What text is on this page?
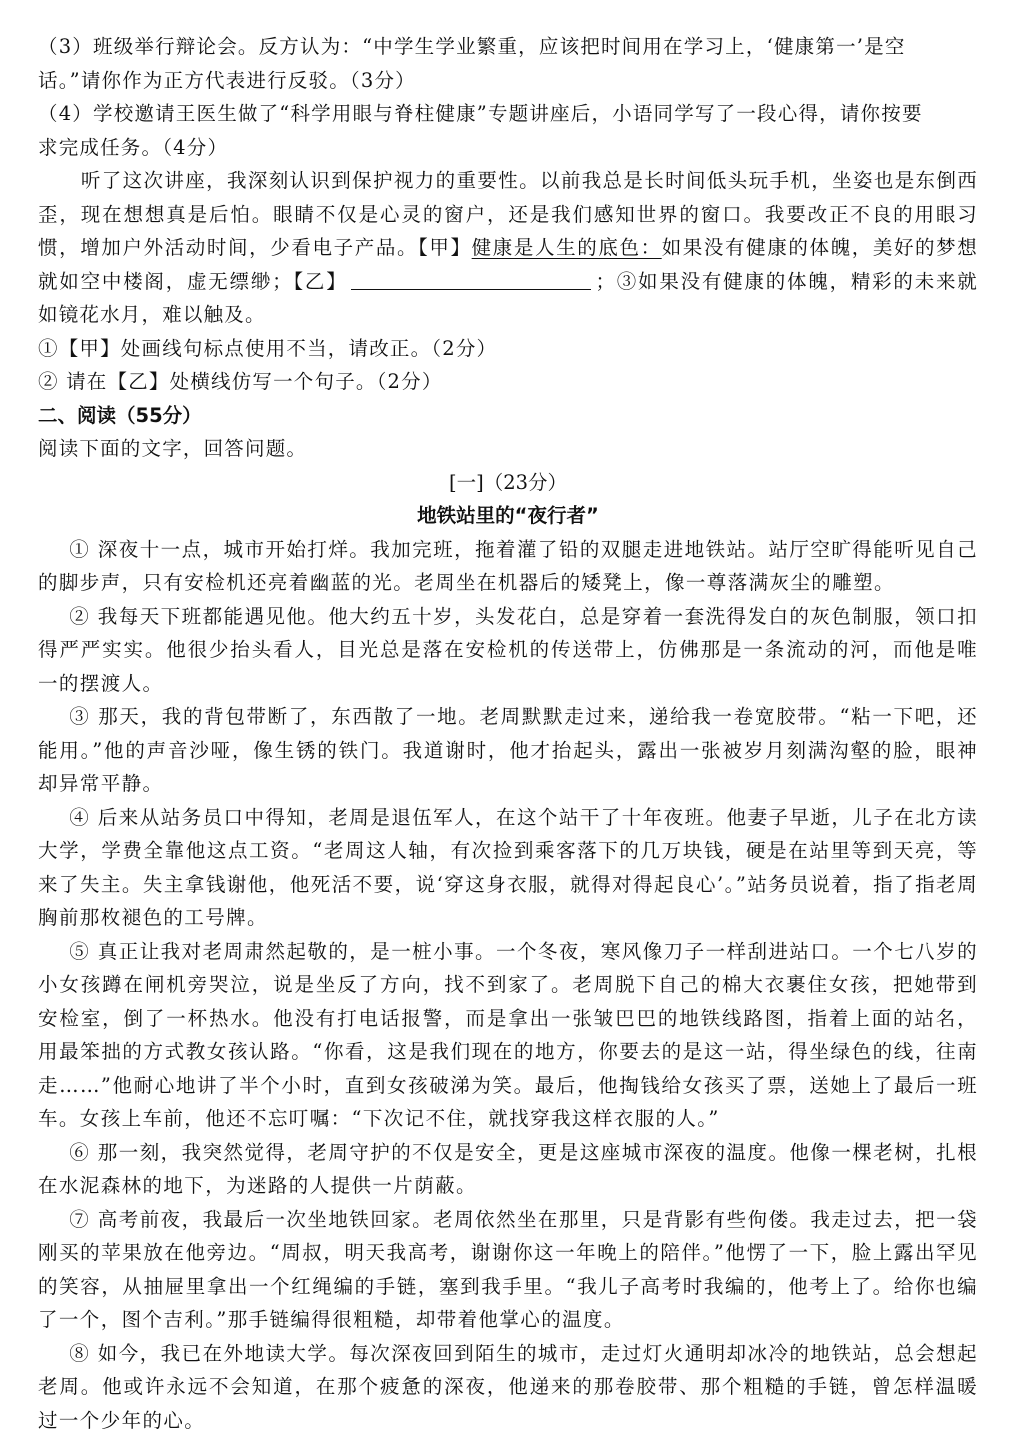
（3）班级举行辩论会。反方认为：“中学生学业繁重，应该把时间用在学习上，‘健康第一’是空
话。”请你作为正方代表进行反驳。（3分）
（4）学校邀请王医生做了“科学用眼与脊柱健康”专题讲座后，小语同学写了一段心得，请你按要
求完成任务。（4分）
听了这次讲座，我深刻认识到保护视力的重要性。以前我总是长时间低头玩手机，坐姿也是东倒西歪，现在想想真是后怕。眼睛不仅是心灵的窗户，还是我们感知世界的窗口。我要改正不良的用眼习惯，增加户外活动时间，少看电子产品。【甲】健康是人生的底色：如果没有健康的体魄，美好的梦想就如空中楼阁，虚无缥缈；【乙】	；③如果没有健康的体魄，精彩的未来就如镜花水月，难以触及。
①【甲】处画线句标点使用不当，请改正。（2分）
② 请在【乙】处横线仿写一个句子。（2分）
二、阅读（55分）
阅读下面的文字，回答问题。
[一]（23分）
地铁站里的“夜行者”
① 深夜十一点，城市开始打烊。我加完班，拖着灌了铅的双腿走进地铁站。站厅空旷得能听见自己的脚步声，只有安检机还亮着幽蓝的光。老周坐在机器后的矮凳上，像一尊落满灰尘的雕塑。
② 我每天下班都能遇见他。他大约五十岁，头发花白，总是穿着一套洗得发白的灰色制服，领口扣得严严实实。他很少抬头看人，目光总是落在安检机的传送带上，仿佛那是一条流动的河，而他是唯一的摆渡人。
③ 那天，我的背包带断了，东西散了一地。老周默默走过来，递给我一卷宽胶带。“粘一下吧，还能用。”他的声音沙哑，像生锈的铁门。我道谢时，他才抬起头，露出一张被岁月刻满沟壑的脸，眼神却异常平静。
④ 后来从站务员口中得知，老周是退伍军人，在这个站干了十年夜班。他妻子早逝，儿子在北方读大学，学费全靠他这点工资。“老周这人轴，有次捡到乘客落下的几万块钱，硬是在站里等到天亮，等来了失主。失主拿钱谢他，他死活不要，说‘穿这身衣服，就得对得起良心’。”站务员说着，指了指老周胸前那枚褪色的工号牌。
⑤ 真正让我对老周肃然起敬的，是一桩小事。一个冬夜，寒风像刀子一样刮进站口。一个七八岁的小女孩蹲在闸机旁哭泣，说是坐反了方向，找不到家了。老周脱下自己的棉大衣裹住女孩，把她带到安检室，倒了一杯热水。他没有打电话报警，而是拿出一张皱巴巴的地铁线路图，指着上面的站名，用最笨拙的方式教女孩认路。“你看，这是我们现在的地方，你要去的是这一站，得坐绿色的线，往南走……”他耐心地讲了半个小时，直到女孩破涕为笑。最后，他掏钱给女孩买了票，送她上了最后一班车。女孩上车前，他还不忘叮嘱：“下次记不住，就找穿我这样衣服的人。”
⑥ 那一刻，我突然觉得，老周守护的不仅是安全，更是这座城市深夜的温度。他像一棵老树，扎根在水泥森林的地下，为迷路的人提供一片荫蔽。
⑦ 高考前夜，我最后一次坐地铁回家。老周依然坐在那里，只是背影有些佝偻。我走过去，把一袋刚买的苹果放在他旁边。“周叔，明天我高考，谢谢你这一年晚上的陪伴。”他愣了一下，脸上露出罕见的笑容，从抽屉里拿出一个红绳编的手链，塞到我手里。“我儿子高考时我编的，他考上了。给你也编了一个，图个吉利。”那手链编得很粗糙，却带着他掌心的温度。
⑧ 如今，我已在外地读大学。每次深夜回到陌生的城市，走过灯火通明却冰冷的地铁站，总会想起老周。他或许永远不会知道，在那个疲惫的深夜，他递来的那卷胶带、那个粗糙的手链，曾怎样温暖过一个少年的心。
